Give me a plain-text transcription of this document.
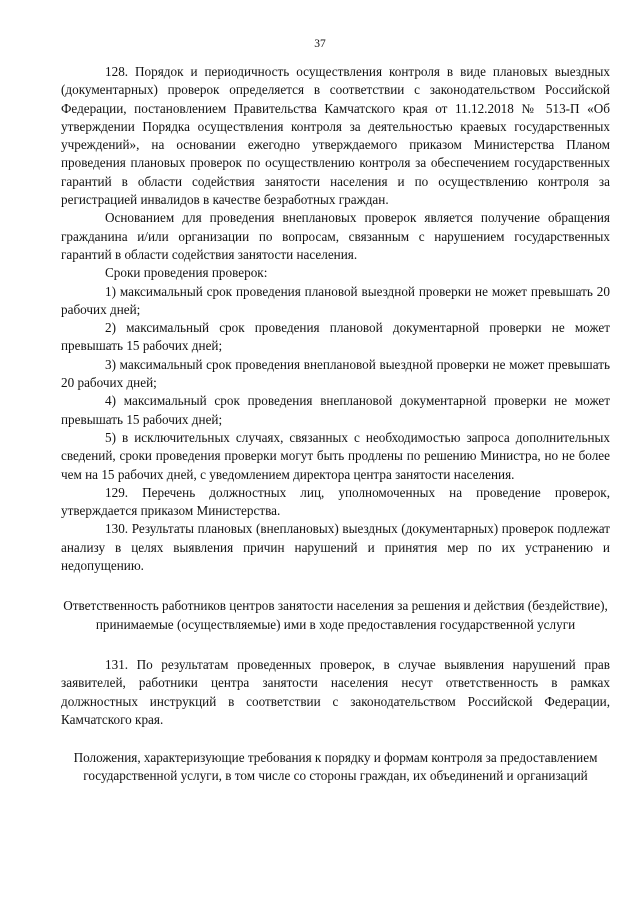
37

128. Порядок и периодичность осуществления контроля в виде плановых выездных (документарных) проверок определяется в соответствии с законодательством Российской Федерации, постановлением Правительства Камчатского края от 11.12.2018 № 513-П «Об утверждении Порядка осуществления контроля за деятельностью краевых государственных учреждений», на основании ежегодно утверждаемого приказом Министерства Планом проведения плановых проверок по осуществлению контроля за обеспечением государственных гарантий в области содействия занятости населения и по осуществлению контроля за регистрацией инвалидов в качестве безработных граждан.

Основанием для проведения внеплановых проверок является получение обращения гражданина и/или организации по вопросам, связанным с нарушением государственных гарантий в области содействия занятости населения.

Сроки проведения проверок:

1) максимальный срок проведения плановой выездной проверки не может превышать 20 рабочих дней;

2) максимальный срок проведения плановой документарной проверки не может превышать 15 рабочих дней;

3) максимальный срок проведения внеплановой выездной проверки не может превышать 20 рабочих дней;

4) максимальный срок проведения внеплановой документарной проверки не может превышать 15 рабочих дней;

5) в исключительных случаях, связанных с необходимостью запроса дополнительных сведений, сроки проведения проверки могут быть продлены по решению Министра, но не более чем на 15 рабочих дней, с уведомлением директора центра занятости населения.

129. Перечень должностных лиц, уполномоченных на проведение проверок, утверждается приказом Министерства.

130. Результаты плановых (внеплановых) выездных (документарных) проверок подлежат анализу в целях выявления причин нарушений и принятия мер по их устранению и недопущению.

Ответственность работников центров занятости населения за решения и действия (бездействие), принимаемые (осуществляемые) ими в ходе предоставления государственной услуги

131. По результатам проведенных проверок, в случае выявления нарушений прав заявителей, работники центра занятости населения несут ответственность в рамках должностных инструкций в соответствии с законодательством Российской Федерации, Камчатского края.

Положения, характеризующие требования к порядку и формам контроля за предоставлением государственной услуги, в том числе со стороны граждан, их объединений и организаций
